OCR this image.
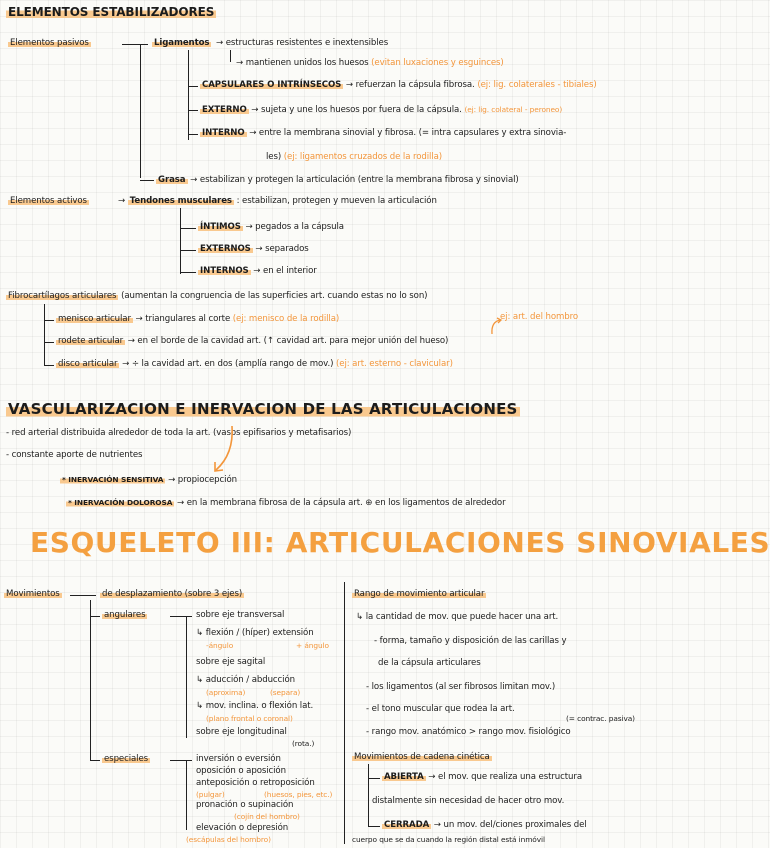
ELEMENTOS ESTABILIZADORES
Elementos pasivos	Ligamentos → estructuras resistentes e inextensibles
→ mantienen unidos los huesos (evitan luxaciones y esguinces)
CAPSULARES O INTRÍNSECOS → refuerzan la cápsula fibrosa. (ej: lig. colaterales - tibiales)
EXTERNO → sujeta y une los huesos por fuera de la cápsula. (ej: lig. colateral - peroneo)
INTERNO → entre la membrana sinovial y fibrosa. (= intra capsulares y extra sinovia-
les) (ej: ligamentos cruzados de la rodilla)
Grasa → estabilizan y protegen la articulación (entre la membrana fibrosa y sinovial)
Elementos activos	→ Tendones musculares : estabilizan, protegen y mueven la articulación
ÍNTIMOS → pegados a la cápsula
EXTERNOS → separados
INTERNOS → en el interior
Fibrocartílagos articulares (aumentan la congruencia de las superficies art. cuando estas no lo son)
menisco articular → triangulares al corte (ej: menisco de la rodilla)	ej: art. del hombro
rodete articular → en el borde de la cavidad art. (↑ cavidad art. para mejor unión del hueso)
disco articular → ÷ la cavidad art. en dos (amplía rango de mov.) (ej: art. esterno - clavicular)
VASCULARIZACION E INERVACION DE LAS ARTICULACIONES
- red arterial distribuida alrededor de toda la art. (vasos epifisarios y metafisarios)
- constante aporte de nutrientes
* INERVACIÓN SENSITIVA → propiocepción
* INERVACIÓN DOLOROSA → en la membrana fibrosa de la cápsula art. ⊕ en los ligamentos de alrededor
ESQUELETO III: ARTICULACIONES SINOVIALES
Movimientos	de desplazamiento (sobre 3 ejes)
angulares	sobre eje transversal
↳ flexión / (híper) extensión
-ángulo	+ ángulo
sobre eje sagital
↳ aducción / abducción
(aproxima)	(separa)
↳ mov. inclina. o flexión lat.
(plano frontal o coronal)
sobre eje longitudinal
(rota.)
especiales	inversión o eversión
oposición o aposición
anteposición o retroposición
(pulgar)	(huesos, pies, etc.)
pronación o supinación
(cojín del hombro)
elevación o depresión
(escápulas del hombro)
Rango de movimiento articular
↳ la cantidad de mov. que puede hacer una art.
- forma, tamaño y disposición de las carillas y
de la cápsula articulares
- los ligamentos (al ser fibrosos limitan mov.)
- el tono muscular que rodea la art.
(= contrac. pasiva)
- rango mov. anatómico > rango mov. fisiológico
Movimientos de cadena cinética
ABIERTA → el mov. que realiza una estructura
distalmente sin necesidad de hacer otro mov.
CERRADA → un mov. del/ciones proximales del
cuerpo que se da cuando la región distal está inmóvil
